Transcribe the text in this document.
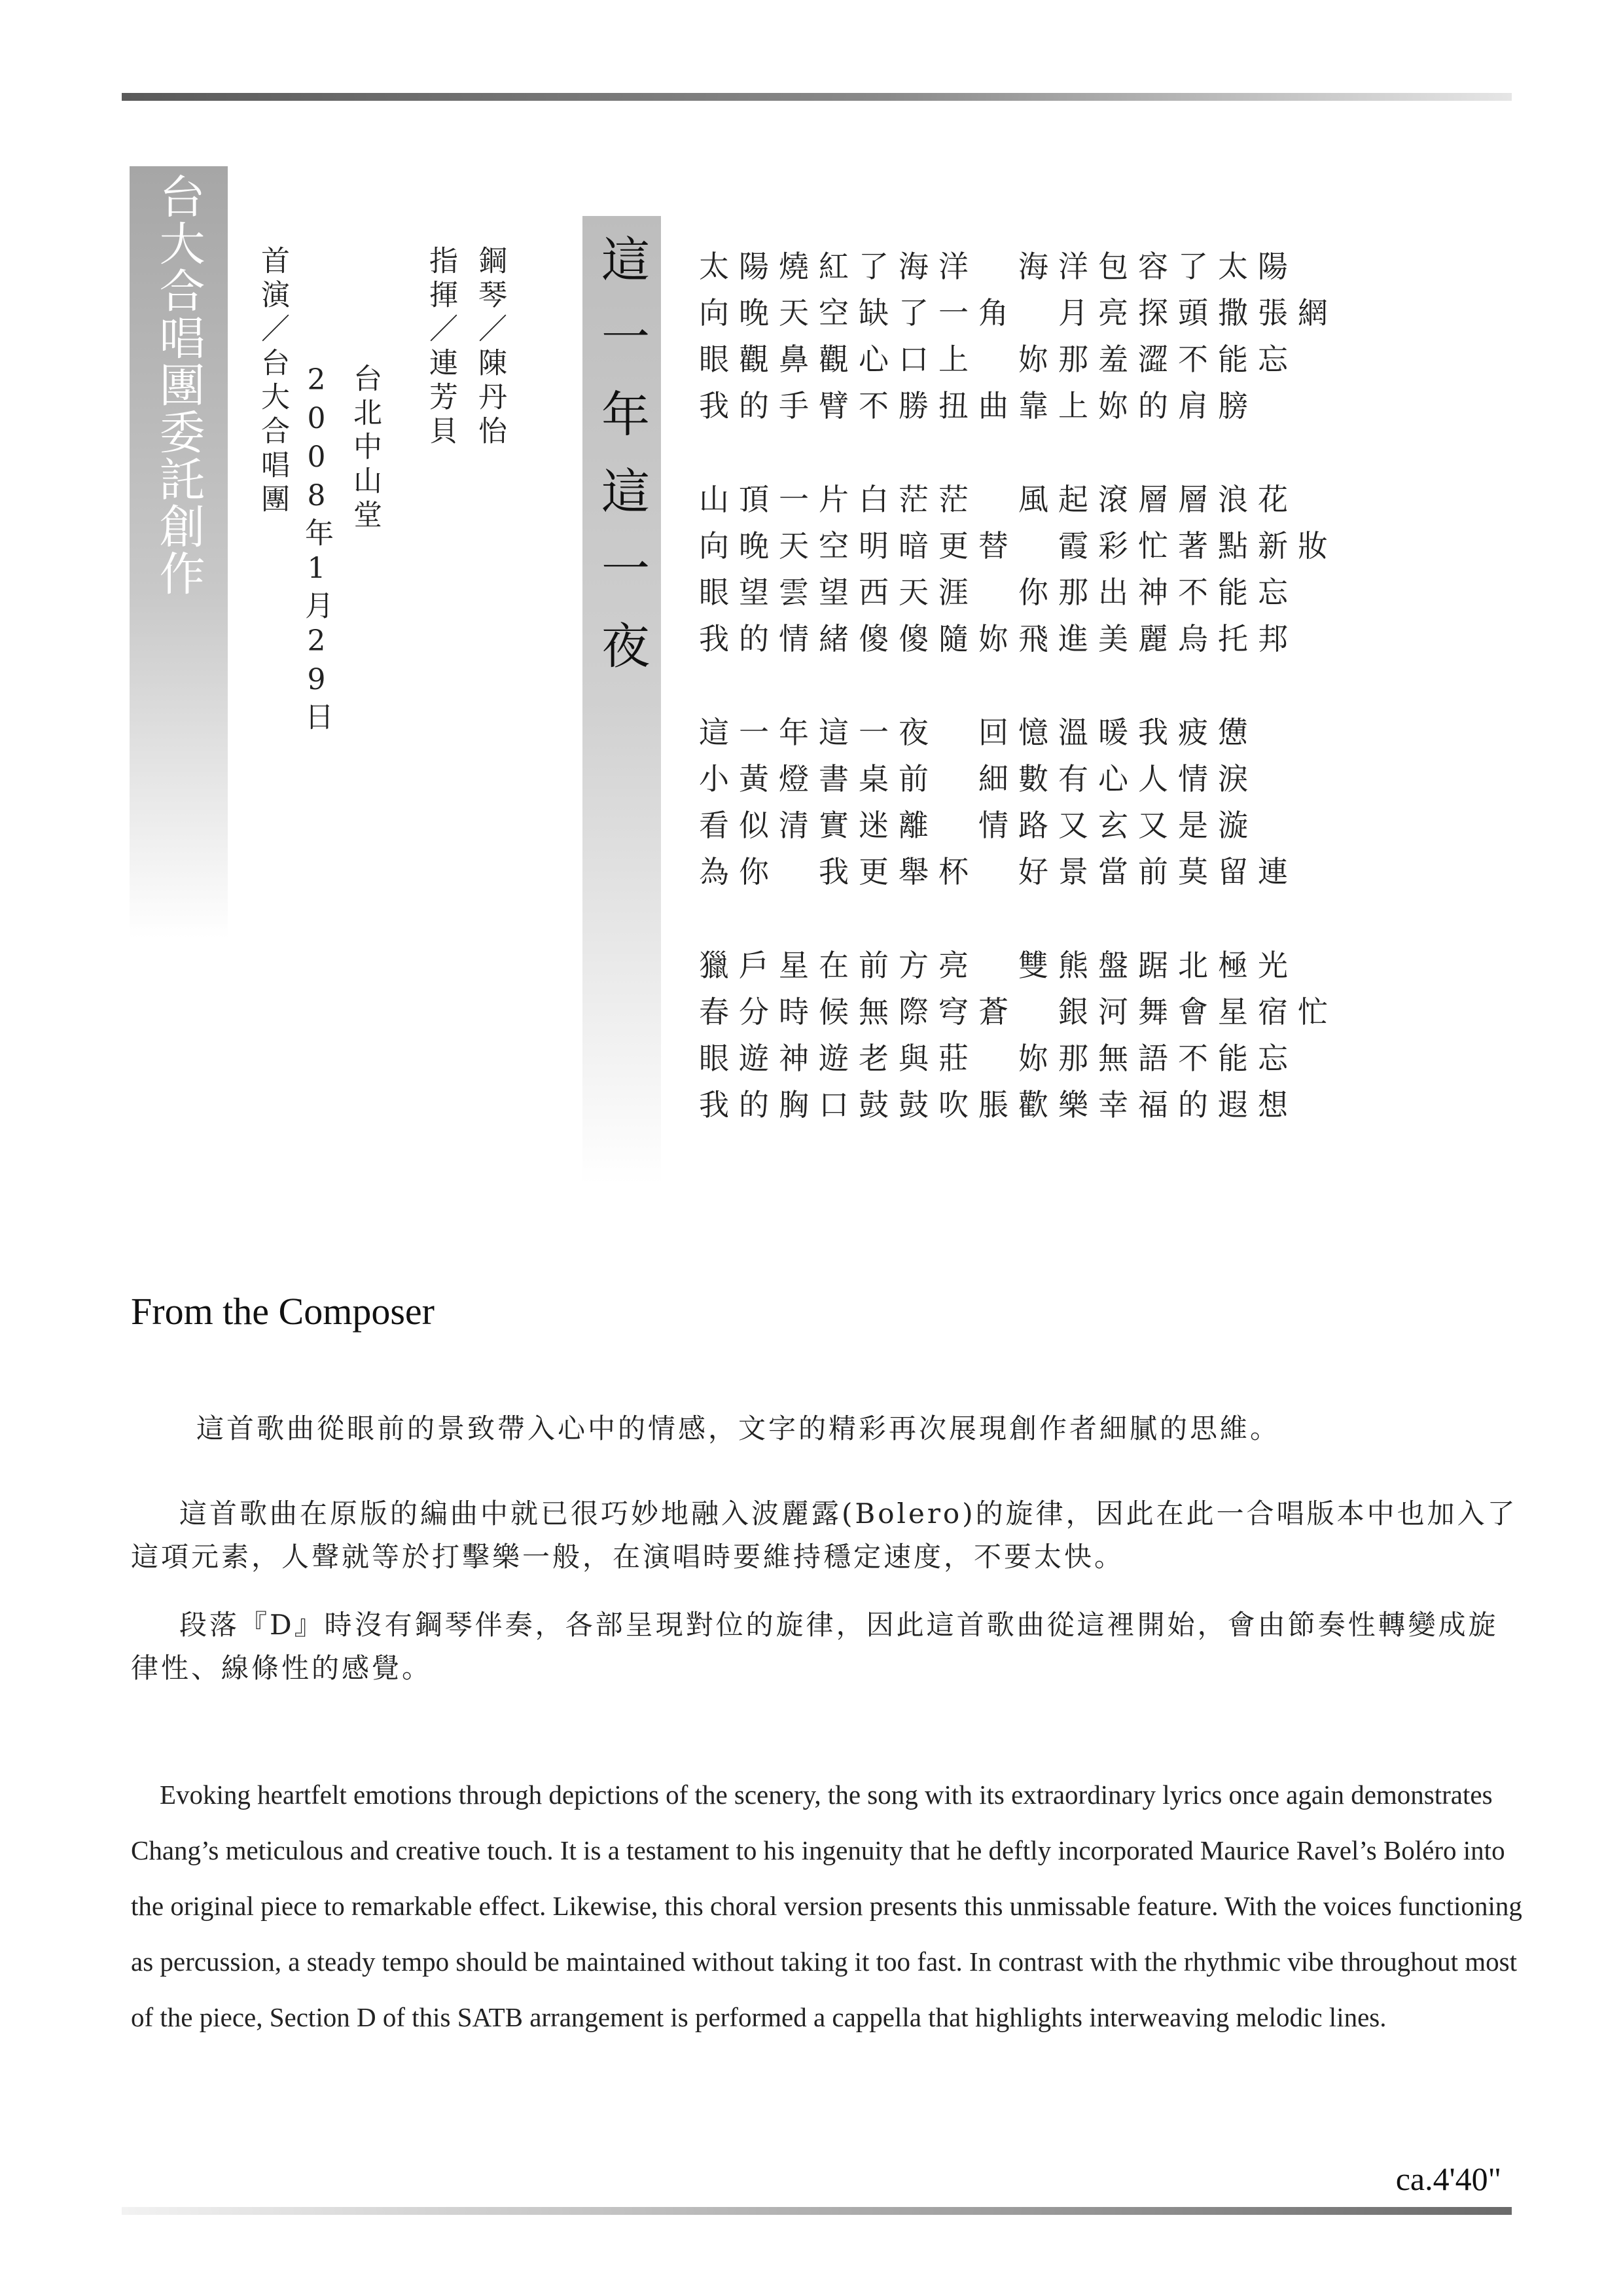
台大合唱團委託創作	鋼琴／陳丹怡
指揮／連芳貝
台北中山堂
2008年1月29日
首演／台大合唱團	這一年這一夜	太陽燒紅了海洋　海洋包容了太陽
向晚天空缺了一角　月亮探頭撒張網
眼觀鼻觀心口上　妳那羞澀不能忘
我的手臂不勝扭曲靠上妳的肩膀
山頂一片白茫茫　風起滾層層浪花
向晚天空明暗更替　霞彩忙著點新妝
眼望雲望西天涯　你那出神不能忘
我的情緒傻傻隨妳飛進美麗烏托邦
這一年這一夜　回憶溫暖我疲憊
小黃燈書桌前　細數有心人情淚
看似清實迷離　情路又玄又是漩
為你　我更舉杯　好景當前莫留連
獵戶星在前方亮　雙熊盤踞北極光
春分時候無際穹蒼　銀河舞會星宿忙
眼遊神遊老與莊　妳那無語不能忘
我的胸口鼓鼓吹脹歡樂幸福的遐想
From the Composer
這首歌曲從眼前的景致帶入心中的情感，文字的精彩再次展現創作者細膩的思維。
這首歌曲在原版的編曲中就已很巧妙地融入波麗露(Bolero)的旋律，因此在此一合唱版本中也加入了這項元素，人聲就等於打擊樂一般，在演唱時要維持穩定速度，不要太快。
段落『D』時沒有鋼琴伴奏，各部呈現對位的旋律，因此這首歌曲從這裡開始，會由節奏性轉變成旋律性、線條性的感覺。
Evoking heartfelt emotions through depictions of the scenery, the song with its extraordinary lyrics once again demonstrates Chang’s meticulous and creative touch. It is a testament to his ingenuity that he deftly incorporated Maurice Ravel’s Boléro into the original piece to remarkable effect. Likewise, this choral version presents this unmissable feature. With the voices functioning as percussion, a steady tempo should be maintained without taking it too fast. In contrast with the rhythmic vibe throughout most of the piece, Section D of this SATB arrangement is performed a cappella that highlights interweaving melodic lines.
ca.4'40"
